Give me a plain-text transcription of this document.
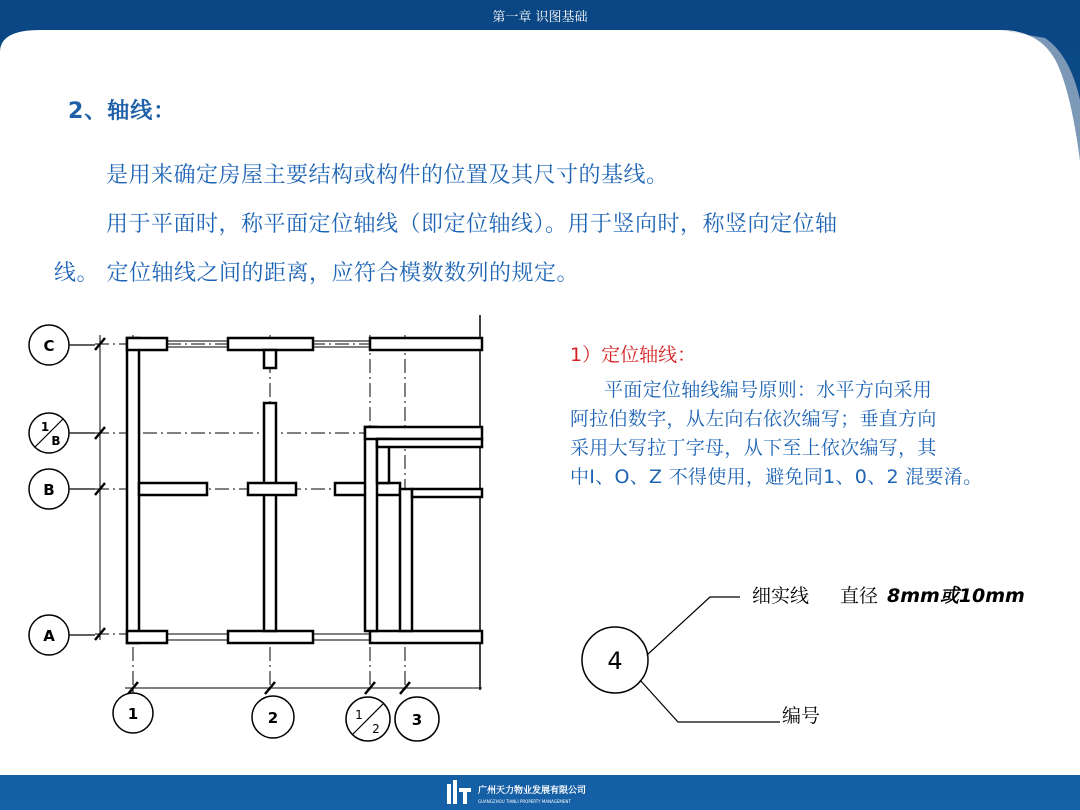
第一章 识图基础
2、轴线：
是用来确定房屋主要结构或构件的位置及其尺寸的基线。
用于平面时，称平面定位轴线（即定位轴线）。用于竖向时，称竖向定位轴
线。 定位轴线之间的距离，应符合模数数列的规定。
1）定位轴线：
平面定位轴线编号原则：水平方向采用
阿拉伯数字，从左向右依次编写；垂直方向
采用大写拉丁字母，从下至上依次编写，其
中I、O、Z 不得使用，避免同1、0、2 混要淆。
C
1
B
B
A
1	2	1
2 3
4
细实线 直径 8mm或10mm
编号
广州天力物业发展有限公司
GUANGZHOU TIANLI PROPERTY MANAGEMENT
